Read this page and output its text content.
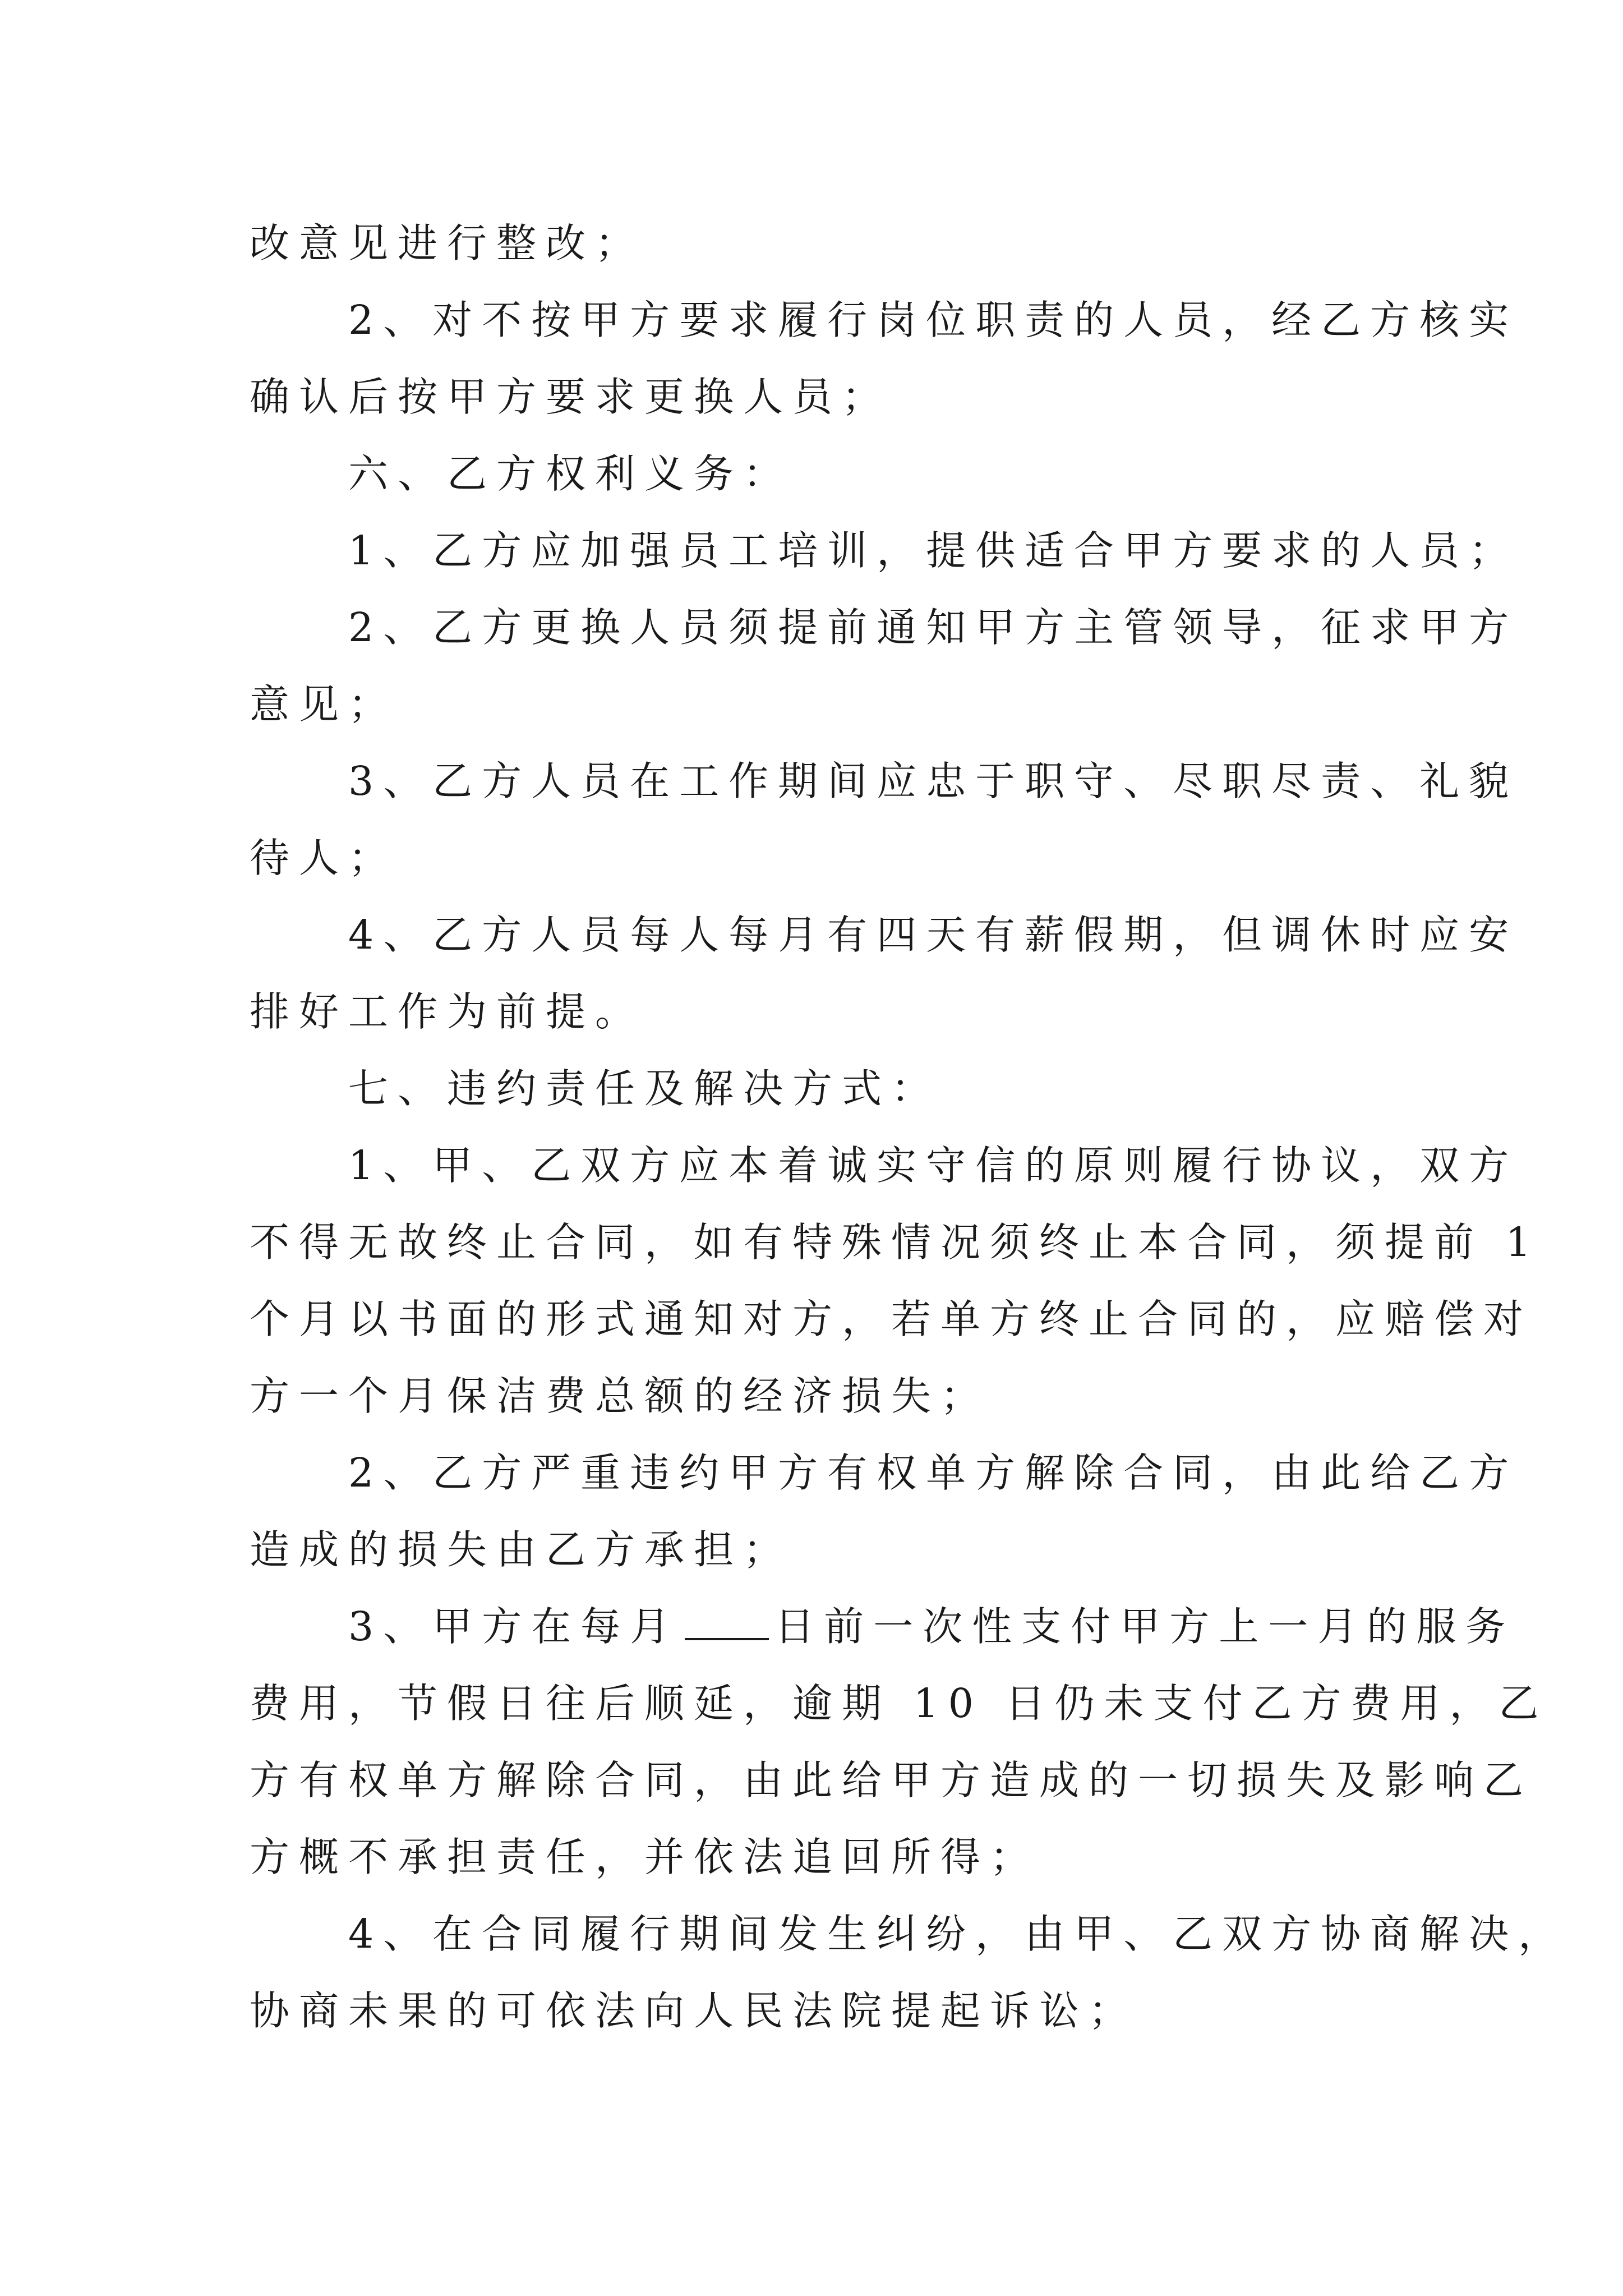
改意见进行整改；

2、对不按甲方要求履行岗位职责的人员，经乙方核实

确认后按甲方要求更换人员；

六、乙方权利义务：

1、乙方应加强员工培训，提供适合甲方要求的人员；

2、乙方更换人员须提前通知甲方主管领导，征求甲方

意见；

3、乙方人员在工作期间应忠于职守、尽职尽责、礼貌

待人；

4、乙方人员每人每月有四天有薪假期，但调休时应安

排好工作为前提。

七、违约责任及解决方式：

1、甲、乙双方应本着诚实守信的原则履行协议，双方

不得无故终止合同，如有特殊情况须终止本合同，须提前 1

个月以书面的形式通知对方，若单方终止合同的，应赔偿对

方一个月保洁费总额的经济损失；

2、乙方严重违约甲方有权单方解除合同，由此给乙方

造成的损失由乙方承担；

3、甲方在每月 日前一次性支付甲方上一月的服务

费用，节假日往后顺延，逾期 10 日仍未支付乙方费用，乙

方有权单方解除合同，由此给甲方造成的一切损失及影响乙

方概不承担责任，并依法追回所得；

4、在合同履行期间发生纠纷，由甲、乙双方协商解决，

协商未果的可依法向人民法院提起诉讼；
